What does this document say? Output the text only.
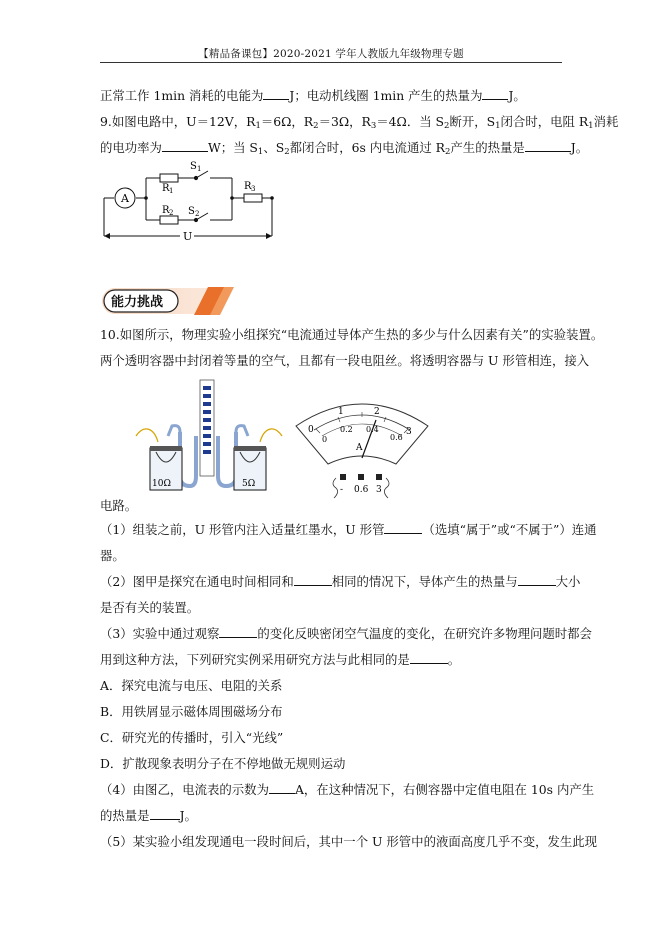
【精品备课包】2020-2021 学年人教版九年级物理专题
正常工作 1min 消耗的电能为 J；电动机线圈 1min 产生的热量为 J。
9.如图电路中，U＝12V，$R_1=6\Omega$，$R_2=3\Omega$，$R_3=4\Omega$．当 $S_2$断开，$S_1$闭合时，电阻 $R_1$消耗
的电功率为	W；当 $S_1$、$S_2$都闭合时，6s 内电流通过 $R_2$产生的热量是	J。
A
R 1
S 1
R 2 S 2
R 3
U
能力挑战
10.如图所示，物理实验小组探究“电流通过导体产生热的多少与什么因素有关”的实验装置。
两个透明容器中封闭着等量的空气，且都有一段电阻丝。将透明容器与 U 形管相连，接入
10Ω	5Ω
0
1	2
3
0
0.2 0.4
0.6
A
- 0.6 3
电路。
（1）组装之前，U 形管内注入适量红墨水，U 形管	（选填“属于”或“不属于”）连通
器。
（2）图甲是探究在通电时间相同和	相同的情况下，导体产生的热量与	大小
是否有关的装置。
（3）实验中通过观察	的变化反映密闭空气温度的变化，在研究许多物理问题时都会
用到这种方法，下列研究实例采用研究方法与此相同的是	。
A．探究电流与电压、电阻的关系
B．用铁屑显示磁体周围磁场分布
C．研究光的传播时，引入“光线”
D．扩散现象表明分子在不停地做无规则运动
（4）由图乙，电流表的示数为 A，在这种情况下，右侧容器中定值电阻在 10s 内产生
的热量是 J。
（5）某实验小组发现通电一段时间后，其中一个 U 形管中的液面高度几乎不变，发生此现
